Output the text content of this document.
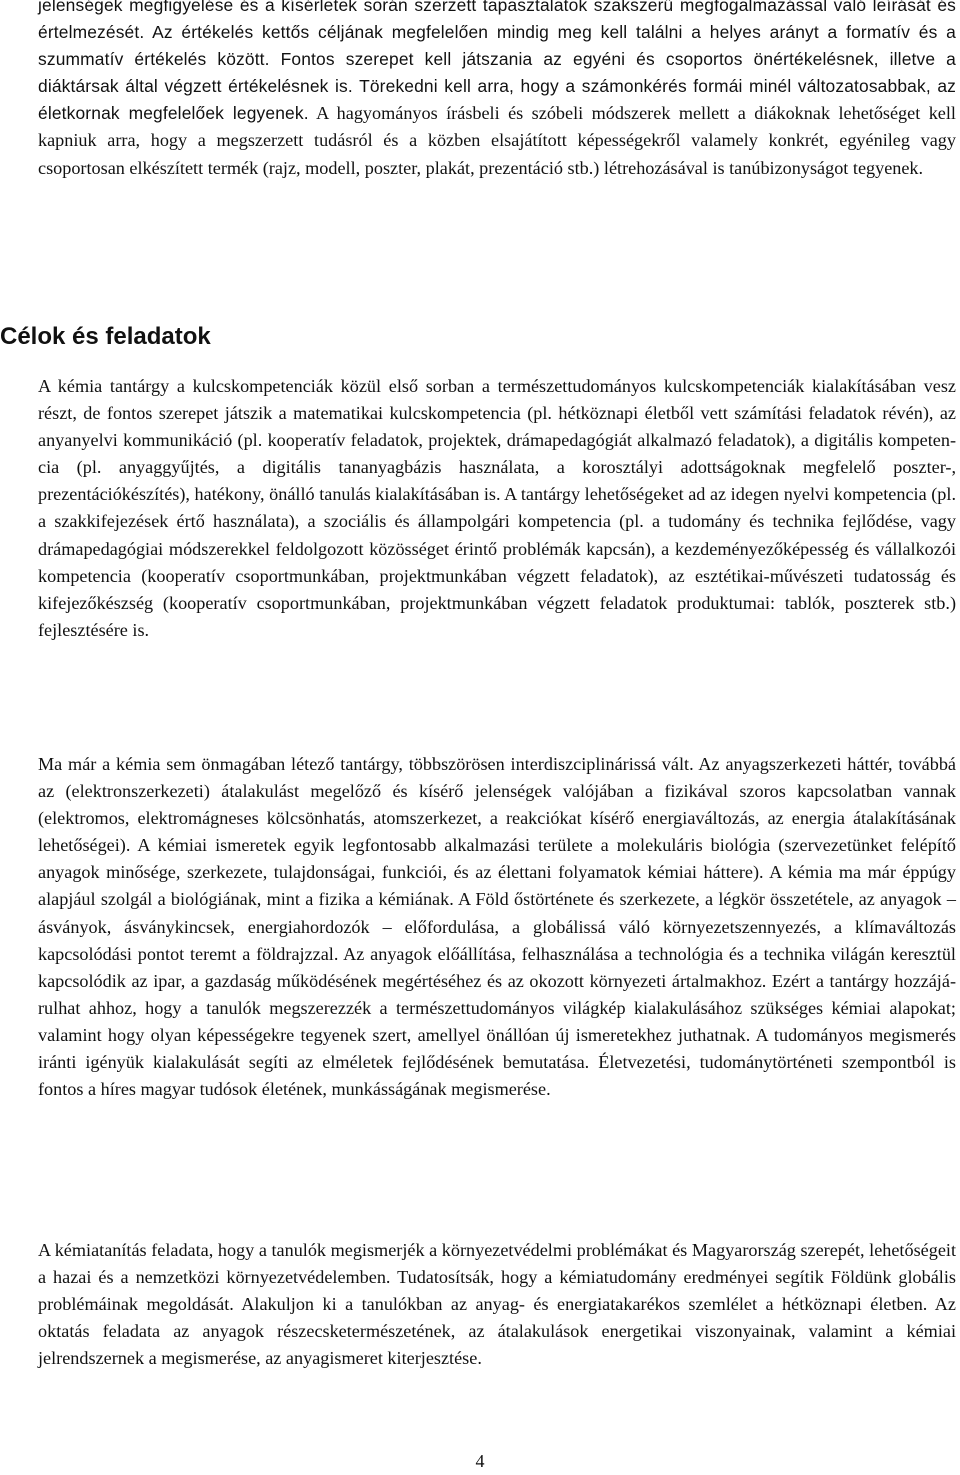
jelenségek megfigyelése és a kísérletek során szerzett tapasztalatok szakszerű megfogalmazással való leírását és értelmezését. Az értékelés kettős céljának megfelelően mindig meg kell találni a helyes arányt a formatív és a szummatív értékelés között. Fontos szerepet kell játszania az egyéni és csoportos önértékelésnek, illetve a diáktársak által végzett értékelésnek is. Törekedni kell arra, hogy a számonkérés formái minél változatosabbak, az életkornak megfelelőek legyenek. A hagyományos írásbeli és szóbeli módszerek mellett a diákoknak lehetőséget kell kapniuk arra, hogy a megszerzett tudásról és a közben elsajátított képességekről valamely konkrét, egyénileg vagy csoportosan elkészített termék (rajz, modell, poszter, plakát, prezentáció stb.) létrehozásával is tanúbizonyságot tegyenek.

Célok és feladatok

A kémia tantárgy a kulcskompetenciák közül első sorban a természettudományos kulcskompetenciák kialakításában vesz részt, de fontos szerepet játszik a matematikai kulcskompetencia (pl. hétköznapi életből vett számítási feladatok révén), az anyanyelvi kommunikáció (pl. kooperatív feladatok, projektek, drámapedagógiát alkalmazó feladatok), a digitális kompetencia (pl. anyaggyűjtés, a digitális tananyagbázis használata, a korosztályi adottságoknak megfelelő poszter-, prezentációkészítés), hatékony, önálló tanulás kialakításában is. A tantárgy lehetőségeket ad az idegen nyelvi kompetencia (pl. a szakkifejezések értő használata), a szociális és állampolgári kompetencia (pl. a tudomány és technika fejlődése, vagy drámapedagógiai módszerekkel feldolgozott közösséget érintő problémák kapcsán), a kezdeményezőképesség és vállalkozói kompetencia (kooperatív csoportmunkában, projektmunkában végzett feladatok), az esztétikai-művészeti tudatosság és kifejezőkészség (kooperatív csoportmunkában, projektmunkában végzett feladatok produktumai: tablók, poszterek stb.) fejlesztésére is.

Ma már a kémia sem önmagában létező tantárgy, többszörösen interdiszciplinárissá vált. Az anyagszerkezeti háttér, továbbá az (elektronszerkezeti) átalakulást megelőző és kísérő jelenségek valójában a fizikával szoros kapcsolatban vannak (elektromos, elektromágneses kölcsönhatás, atomszerkezet, a reakciókat kísérő energiaváltozás, az energia átalakításának lehetőségei). A kémiai ismeretek egyik legfontosabb alkalmazási területe a molekuláris biológia (szervezetünket felépítő anyagok minősége, szerkezete, tulajdonságai, funkciói, és az élettani folyamatok kémiai háttere). A kémia ma már éppúgy alapjául szolgál a biológiának, mint a fizika a kémiának. A Föld őstörténete és szerkezete, a légkör összetétele, az anyagok – ásványok, ásványkincsek, energiahordozók – előfordulása, a globálissá váló környezetszennyezés, a klímaváltozás kapcsolódási pontot teremt a földrajzzal. Az anyagok előállítása, felhasználása a technológia és a technika világán keresztül kapcsolódik az ipar, a gazdaság működésének megértéséhez és az okozott környezeti ártalmakhoz. Ezért a tantárgy hozzájárulhat ahhoz, hogy a tanulók megszerezzék a természettudományos világkép kialakulásához szükséges kémiai alapokat; valamint hogy olyan képességekre tegyenek szert, amellyel önállóan új ismeretekhez juthatnak. A tudományos megismerés iránti igényük kialakulását segíti az elméletek fejlődésének bemutatása. Életvezetési, tudománytörténeti szempontból is fontos a híres magyar tudósok életének, munkásságának megismerése.

A kémiatanítás feladata, hogy a tanulók megismerjék a környezetvédelmi problémákat és Magyarország szerepét, lehetőségeit a hazai és a nemzetközi környezetvédelemben. Tudatosítsák, hogy a kémiatudomány eredményei segítik Földünk globális problémáinak megoldását. Alakuljon ki a tanulókban az anyag- és energiatakarékos szemlélet a hétköznapi életben. Az oktatás feladata az anyagok részecsketermészetének, az átalakulások energetikai viszonyainak, valamint a kémiai jelrendszernek a megismerése, az anyagismeret kiterjesztése.

4
